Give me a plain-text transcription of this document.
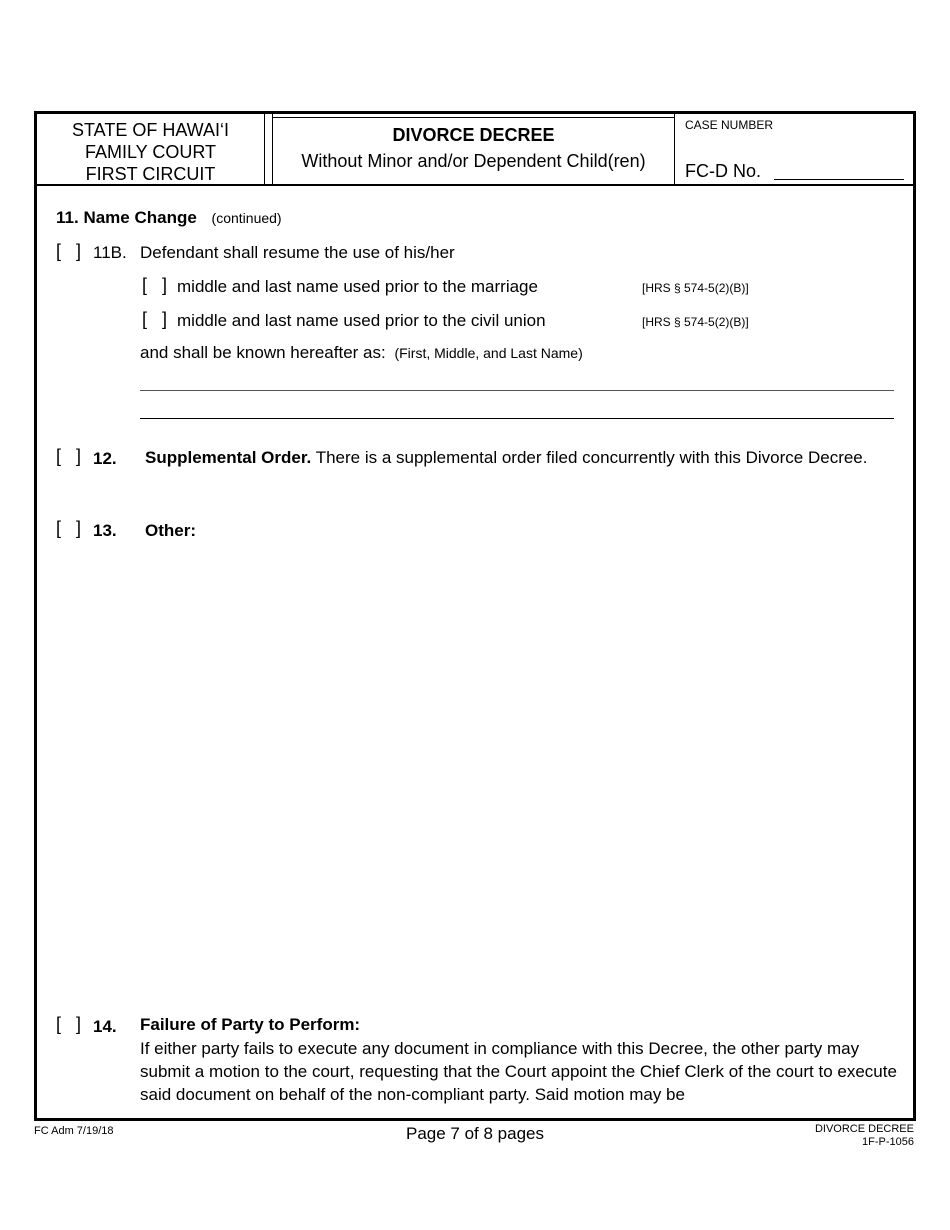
STATE OF HAWAI‘I
FAMILY COURT
FIRST CIRCUIT
DIVORCE DECREE
Without Minor and/or Dependent Child(ren)
CASE NUMBER
FC-D No.
11. Name Change (continued)
[   ] 11B. Defendant shall resume the use of his/her
[   ] middle and last name used prior to the marriage	[HRS § 574-5(2)(B)]
[   ] middle and last name used prior to the civil union	[HRS § 574-5(2)(B)]
and shall be known hereafter as: (First, Middle, and Last Name)
[   ] 12. Supplemental Order. There is a supplemental order filed concurrently with this Divorce Decree.
[   ] 13. Other:
[   ] 14. Failure of Party to Perform:
If either party fails to execute any document in compliance with this Decree, the other party may submit a motion to the court, requesting that the Court appoint the Chief Clerk of the court to execute said document on behalf of the non-compliant party. Said motion may be
FC Adm 7/19/18	Page 7 of 8 pages	DIVORCE DECREE
1F-P-1056
